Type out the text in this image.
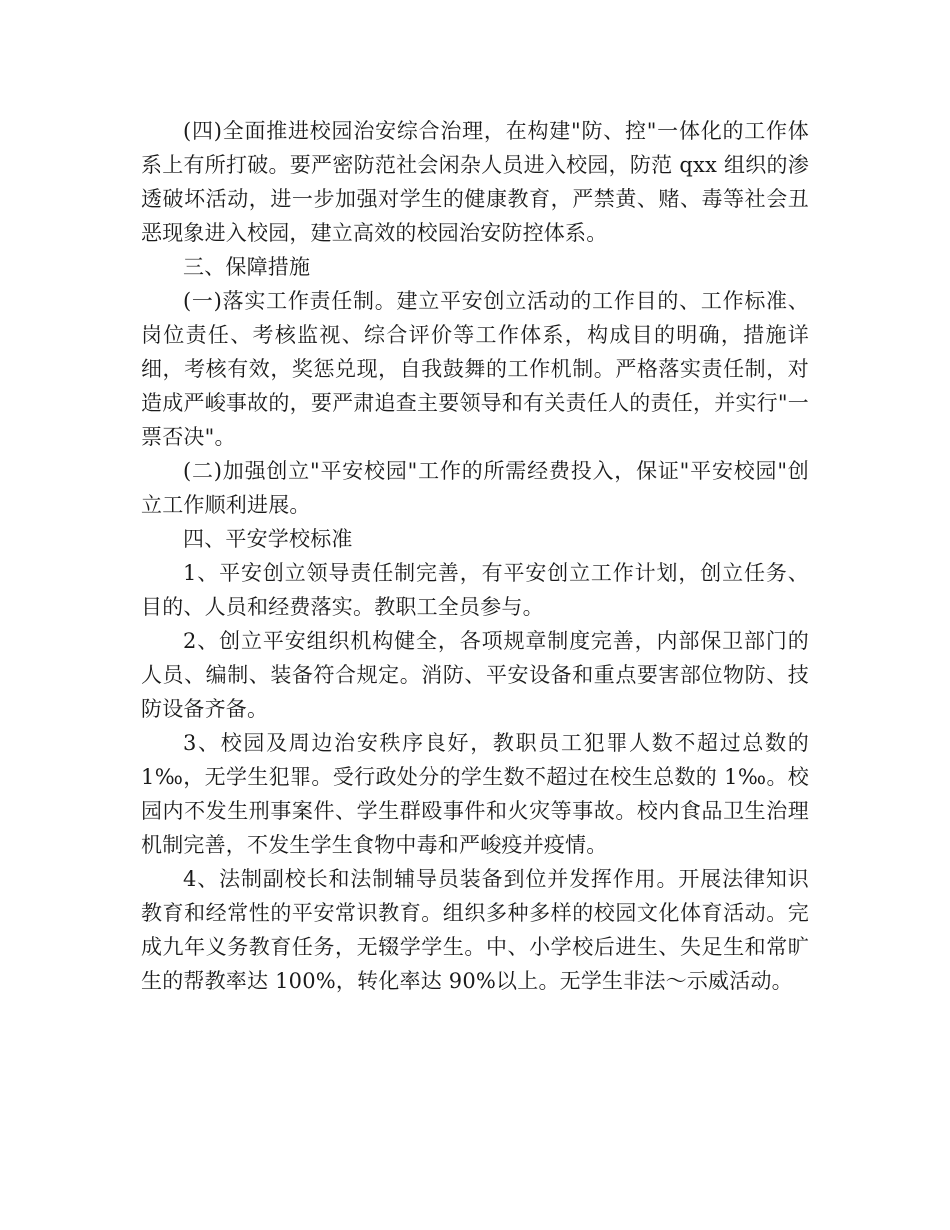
(四)全面推进校园治安综合治理，在构建"防、控"一体化的工作体系上有所打破。要严密防范社会闲杂人员进入校园，防范 qxx 组织的渗透破坏活动，进一步加强对学生的健康教育，严禁黄、赌、毒等社会丑恶现象进入校园，建立高效的校园治安防控体系。

三、保障措施

(一)落实工作责任制。建立平安创立活动的工作目的、工作标准、岗位责任、考核监视、综合评价等工作体系，构成目的明确，措施详细，考核有效，奖惩兑现，自我鼓舞的工作机制。严格落实责任制，对造成严峻事故的，要严肃追查主要领导和有关责任人的责任，并实行"一票否决"。

(二)加强创立"平安校园"工作的所需经费投入，保证"平安校园"创立工作顺利进展。

四、平安学校标准

1、平安创立领导责任制完善，有平安创立工作计划，创立任务、目的、人员和经费落实。教职工全员参与。

2、创立平安组织机构健全，各项规章制度完善，内部保卫部门的人员、编制、装备符合规定。消防、平安设备和重点要害部位物防、技防设备齐备。

3、校园及周边治安秩序良好，教职员工犯罪人数不超过总数的1‰，无学生犯罪。受行政处分的学生数不超过在校生总数的 1‰。校园内不发生刑事案件、学生群殴事件和火灾等事故。校内食品卫生治理机制完善，不发生学生食物中毒和严峻疫并疫情。

4、法制副校长和法制辅导员装备到位并发挥作用。开展法律知识教育和经常性的平安常识教育。组织多种多样的校园文化体育活动。完成九年义务教育任务，无辍学学生。中、小学校后进生、失足生和常旷生的帮教率达 100%，转化率达 90%以上。无学生非法～示威活动。
